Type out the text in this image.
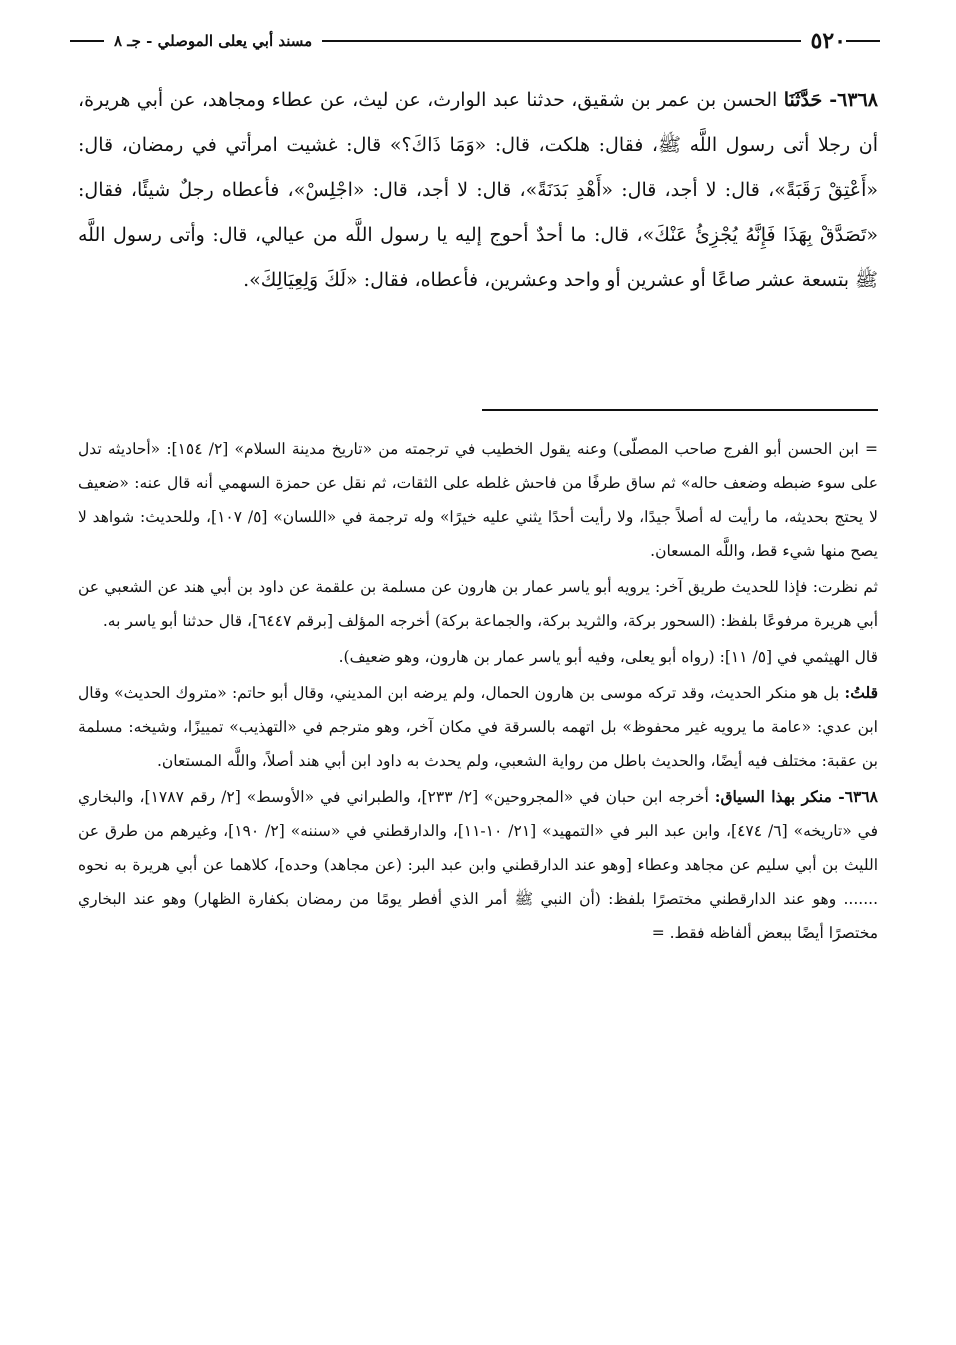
٥٢٠
مسند أبي يعلى الموصلي - جـ ٨
٦٣٦٨- حَدَّثَنَا الحسن بن عمر بن شقيق، حدثنا عبد الوارث، عن ليث، عن عطاء ومجاهد، عن أبي هريرة، أن رجلا أتى رسول اللَّه ﷺ، فقال: هلكت، قال: «وَمَا ذَاكَ؟» قال: غشيت امرأتي في رمضان، قال: «أَعْتِقْ رَقَبَةً»، قال: لا أجد، قال: «أَهْدِ بَدَنَةً»، قال: لا أجد، قال: «اجْلِسْ»، فأعطاه رجلٌ شيئًا، فقال: «تَصَدَّقْ بِهَذَا فَإِنَّهُ يُجْزِئُ عَنْكَ»، قال: ما أحدٌ أحوج إليه يا رسول اللَّه من عيالي، قال: وأتى رسول اللَّه ﷺ بتسعة عشر صاعًا أو عشرين أو واحد وعشرين، فأعطاه، فقال: «لَكَ وَلِعِيَالِكَ».

= ابن الحسن أبو الفرج صاحب المصلّى) وعنه يقول الخطيب في ترجمته من «تاريخ مدينة السلام» [٢/ ١٥٤]: «أحاديثه تدل على سوء ضبطه وضعف حاله» ثم ساق طرفًا من فاحش غلطه على الثقات، ثم نقل عن حمزة السهمي أنه قال عنه: «ضعيف لا يحتج بحديثه، ما رأيت له أصلاً جيدًا، ولا رأيت أحدًا يثني عليه خيرًا» وله ترجمة في «اللسان» [٥/ ١٠٧]، وللحديث: شواهد لا يصح منها شيء قط، واللَّه المسعان.

ثم نظرت: فإذا للحديث طريق آخر: يرويه أبو ياسر عمار بن هارون عن مسلمة بن علقمة عن داود بن أبي هند عن الشعبي عن أبي هريرة مرفوعًا بلفظ: (السحور بركة، والثريد بركة، والجماعة بركة) أخرجه المؤلف [برقم ٦٤٤٧]، قال حدثنا أبو ياسر به.

قال الهيثمي في [٥/ ١١]: (رواه أبو يعلى، وفيه أبو ياسر عمار بن هارون، وهو ضعيف).

قلتُ: بل هو منكر الحديث، وقد تركه موسى بن هارون الحمال، ولم يرضه ابن المديني، وقال أبو حاتم: «متروك الحديث» وقال ابن عدي: «عامة ما يرويه غير محفوظ» بل اتهمه بالسرقة في مكان آخر، وهو مترجم في «التهذيب» تمييزًا، وشيخه: مسلمة بن عقبة: مختلف فيه أيضًا، والحديث باطل من رواية الشعبي، ولم يحدث به داود ابن أبي هند أصلاً، واللَّه المستعان.

٦٣٦٨- منكر بهذا السياق: أخرجه ابن حبان في «المجروحين» [٢/ ٢٣٣]، والطبراني في «الأوسط» [٢/ رقم ١٧٨٧]، والبخاري في «تاريخه» [٦/ ٤٧٤]، وابن عبد البر في «التمهيد» [٢١/ ١٠-١١]، والدارقطني في «سننه» [٢/ ١٩٠]، وغيرهم من طرق عن الليث بن أبي سليم عن مجاهد وعطاء [وهو عند الدارقطني وابن عبد البر: (عن مجاهد) وحده]، كلاهما عن أبي هريرة به نحوه ....... وهو عند الدارقطني مختصرًا بلفظ: (أن النبي ﷺ أمر الذي أفطر يومًا من رمضان بكفارة الظهار) وهو عند البخاري مختصرًا أيضًا ببعض ألفاظه فقط. =
